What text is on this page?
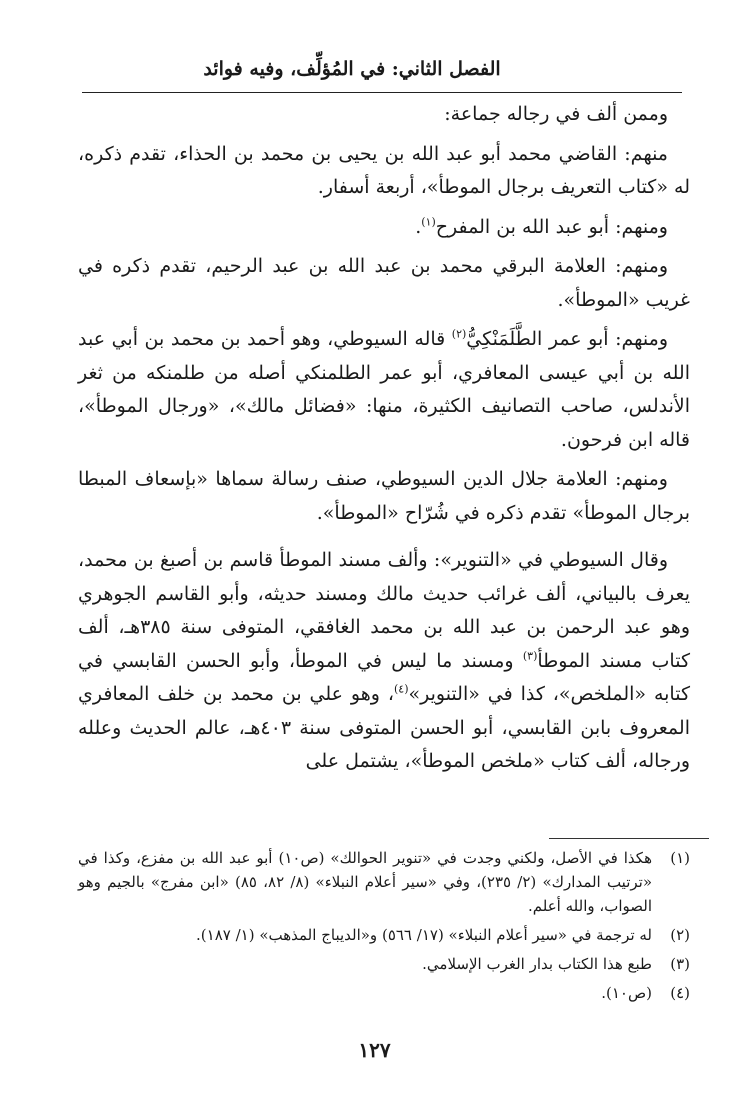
الفصل الثاني: في المُؤلِّف، وفيه فوائد

وممن ألف في رجاله جماعة:

منهم: القاضي محمد أبو عبد الله بن يحيى بن محمد بن الحذاء، تقدم ذكره، له «كتاب التعريف برجال الموطأ»، أربعة أسفار.

ومنهم: أبو عبد الله بن المفرح$^{(١)}$.

ومنهم: العلامة البرقي محمد بن عبد الله بن عبد الرحيم، تقدم ذكره في غريب «الموطأ».

ومنهم: أبو عمر الطَّلَمَنْكِيُّ$^{(٢)}$ قاله السيوطي، وهو أحمد بن محمد بن أبي عبد الله بن أبي عيسى المعافري، أبو عمر الطلمنكي أصله من طلمنكه من ثغر الأندلس، صاحب التصانيف الكثيرة، منها: «فضائل مالك»، «ورجال الموطأ»، قاله ابن فرحون.

ومنهم: العلامة جلال الدين السيوطي، صنف رسالة سماها «بإسعاف المبطا برجال الموطأ» تقدم ذكره في شُرّاح «الموطأ».

وقال السيوطي في «التنوير»: وألف مسند الموطأ قاسم بن أصبغ بن محمد، يعرف بالبياني، ألف غرائب حديث مالك ومسند حديثه، وأبو القاسم الجوهري وهو عبد الرحمن بن عبد الله بن محمد الغافقي، المتوفى سنة ٣٨٥هـ، ألف كتاب مسند الموطأ$^{(٣)}$ ومسند ما ليس في الموطأ، وأبو الحسن القابسي في كتابه «الملخص»، كذا في «التنوير»$^{(٤)}$، وهو علي بن محمد بن خلف المعافري المعروف بابن القابسي، أبو الحسن المتوفى سنة ٤٠٣هـ، عالم الحديث وعلله ورجاله، ألف كتاب «ملخص الموطأ»، يشتمل على

(١)
هكذا في الأصل، ولكني وجدت في «تنوير الحوالك» (ص١٠) أبو عبد الله بن مفزع، وكذا في «ترتيب المدارك» (٢/ ٢٣٥)، وفي «سير أعلام النبلاء» (٨/ ٨٢، ٨٥) «ابن مفرج» بالجيم وهو الصواب، والله أعلم.
(٢)
له ترجمة في «سير أعلام النبلاء» (١٧/ ٥٦٦) و«الديباج المذهب» (١/ ١٨٧).
(٣)
طبع هذا الكتاب بدار الغرب الإسلامي.
(٤)
(ص١٠).
١٢٧
